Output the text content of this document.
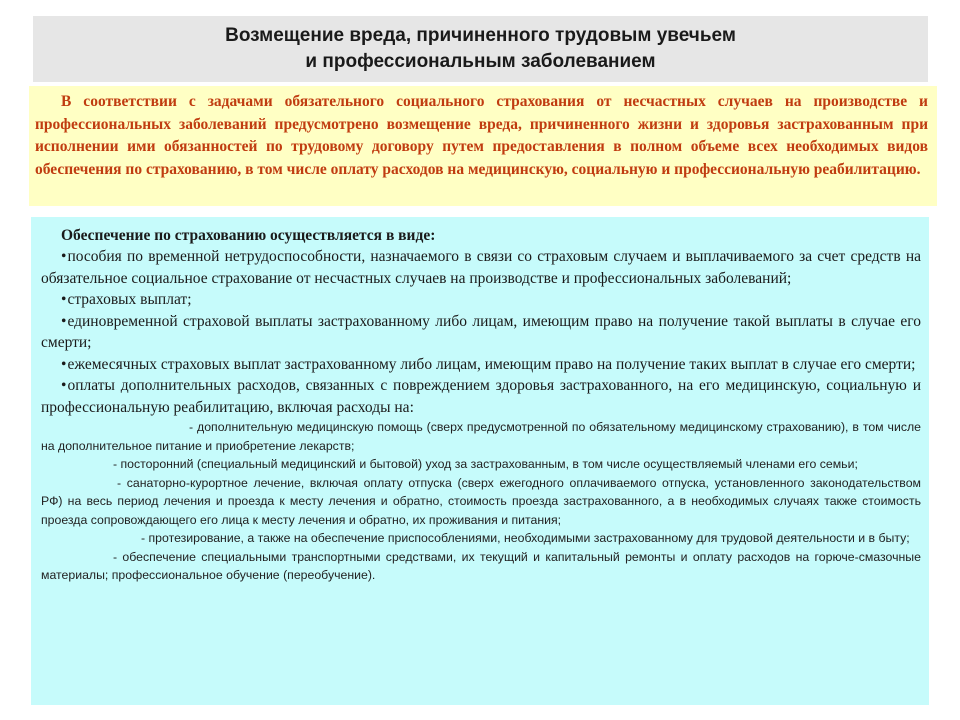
Возмещение вреда, причиненного трудовым увечьем
и профессиональным заболеванием

В соответствии с задачами обязательного социального страхования от несчастных случаев на производстве и профессиональных заболеваний предусмотрено возмещение вреда, причиненного жизни и здоровья застрахованным при исполнении ими обязанностей по трудовому договору путем предоставления в полном объеме всех необходимых видов обеспечения по страхованию, в том числе оплату расходов на медицинскую, социальную и профессиональную реабилитацию.

Обеспечение по страхованию осуществляется в виде:

•пособия по временной нетрудоспособности, назначаемого в связи со страховым случаем и выплачиваемого за счет средств на обязательное социальное страхование от несчастных случаев на производстве и профессиональных заболеваний;

•страховых выплат;

•единовременной страховой выплаты застрахованному либо лицам, имеющим право на получение такой выплаты в случае его смерти;

•ежемесячных страховых выплат застрахованному либо лицам, имеющим право на получение таких выплат в случае его смерти;

•оплаты дополнительных расходов, связанных с повреждением здоровья застрахованного, на его медицинскую, социальную и профессиональную реабилитацию, включая расходы на:

- дополнительную медицинскую помощь (сверх предусмотренной по обязательному медицинскому страхованию), в том числе на дополнительное питание и приобретение лекарств;

- посторонний (специальный медицинский и бытовой) уход за застрахованным, в том числе осуществляемый членами его семьи;

- санаторно-курортное лечение, включая оплату отпуска (сверх ежегодного оплачиваемого отпуска, установленного законодательством РФ) на весь период лечения и проезда к месту лечения и обратно, стоимость проезда застрахованного, а в необходимых случаях также стоимость проезда сопровождающего его лица к месту лечения и обратно, их проживания и питания;

- протезирование, а также на обеспечение приспособлениями, необходимыми застрахованному для трудовой деятельности и в быту;

- обеспечение специальными транспортными средствами, их текущий и капитальный ремонты и оплату расходов на горюче-смазочные материалы; профессиональное обучение (переобучение).
